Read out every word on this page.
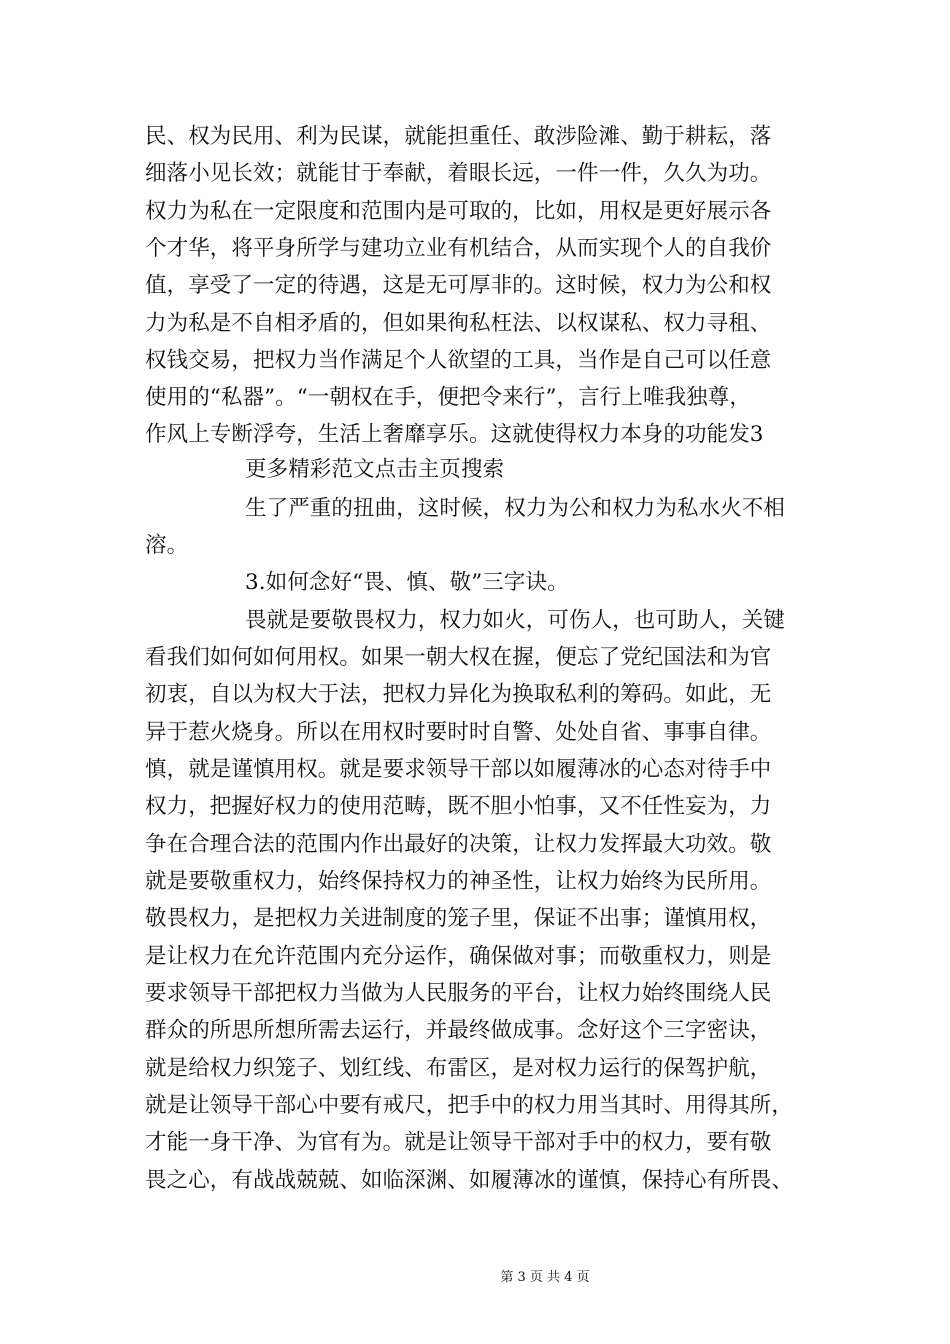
民、权为民用、利为民谋，就能担重任、敢涉险滩、勤于耕耘，落
细落小见长效；就能甘于奉献，着眼长远，一件一件，久久为功。
权力为私在一定限度和范围内是可取的，比如，用权是更好展示各
个才华，将平身所学与建功立业有机结合，从而实现个人的自我价
值，享受了一定的待遇，这是无可厚非的。这时候，权力为公和权
力为私是不自相矛盾的，但如果徇私枉法、以权谋私、权力寻租、
权钱交易，把权力当作满足个人欲望的工具，当作是自己可以任意
使用的“私器”。“一朝权在手，便把令来行”，言行上唯我独尊，
作风上专断浮夸，生活上奢靡享乐。这就使得权力本身的功能发3
更多精彩范文点击主页搜索
生了严重的扭曲，这时候，权力为公和权力为私水火不相
溶。
3.如何念好“畏、慎、敬”三字诀。
畏就是要敬畏权力，权力如火，可伤人，也可助人，关键
看我们如何如何用权。如果一朝大权在握，便忘了党纪国法和为官
初衷，自以为权大于法，把权力异化为换取私利的筹码。如此，无
异于惹火烧身。所以在用权时要时时自警、处处自省、事事自律。
慎，就是谨慎用权。就是要求领导干部以如履薄冰的心态对待手中
权力，把握好权力的使用范畴，既不胆小怕事，又不任性妄为，力
争在合理合法的范围内作出最好的决策，让权力发挥最大功效。敬
就是要敬重权力，始终保持权力的神圣性，让权力始终为民所用。
敬畏权力，是把权力关进制度的笼子里，保证不出事；谨慎用权，
是让权力在允许范围内充分运作，确保做对事；而敬重权力，则是
要求领导干部把权力当做为人民服务的平台，让权力始终围绕人民
群众的所思所想所需去运行，并最终做成事。念好这个三字密诀，
就是给权力织笼子、划红线、布雷区，是对权力运行的保驾护航，
就是让领导干部心中要有戒尺，把手中的权力用当其时、用得其所，
才能一身干净、为官有为。就是让领导干部对手中的权力，要有敬
畏之心，有战战兢兢、如临深渊、如履薄冰的谨慎，保持心有所畏、
第 3 页 共 4 页
